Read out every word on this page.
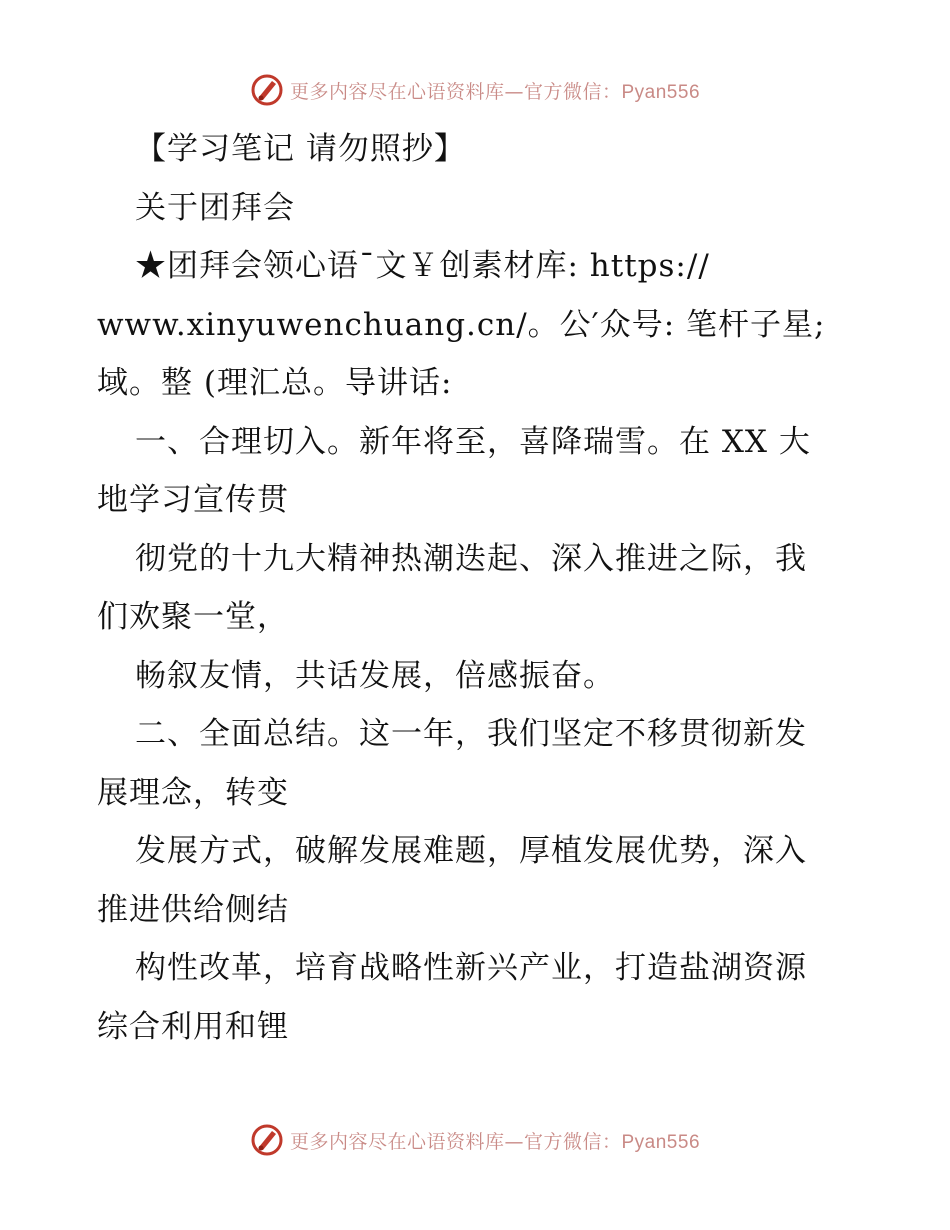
更多内容尽在心语资料库—官方微信：Pyan556
【学习笔记 请勿照抄】
关于团拜会
★团拜会领心语¯文￥创素材库: https://
www.xinyuwenchuang.cn/。公′众号: 笔杆子星;
域。整 (理汇总。导讲话:
一、合理切入。新年将至，喜降瑞雪。在 XX 大
地学习宣传贯
彻党的十九大精神热潮迭起、深入推进之际，我
们欢聚一堂，
畅叙友情，共话发展，倍感振奋。
二、全面总结。这一年，我们坚定不移贯彻新发
展理念，转变
发展方式，破解发展难题，厚植发展优势，深入
推进供给侧结
构性改革，培育战略性新兴产业，打造盐湖资源
综合利用和锂
更多内容尽在心语资料库—官方微信：Pyan556
